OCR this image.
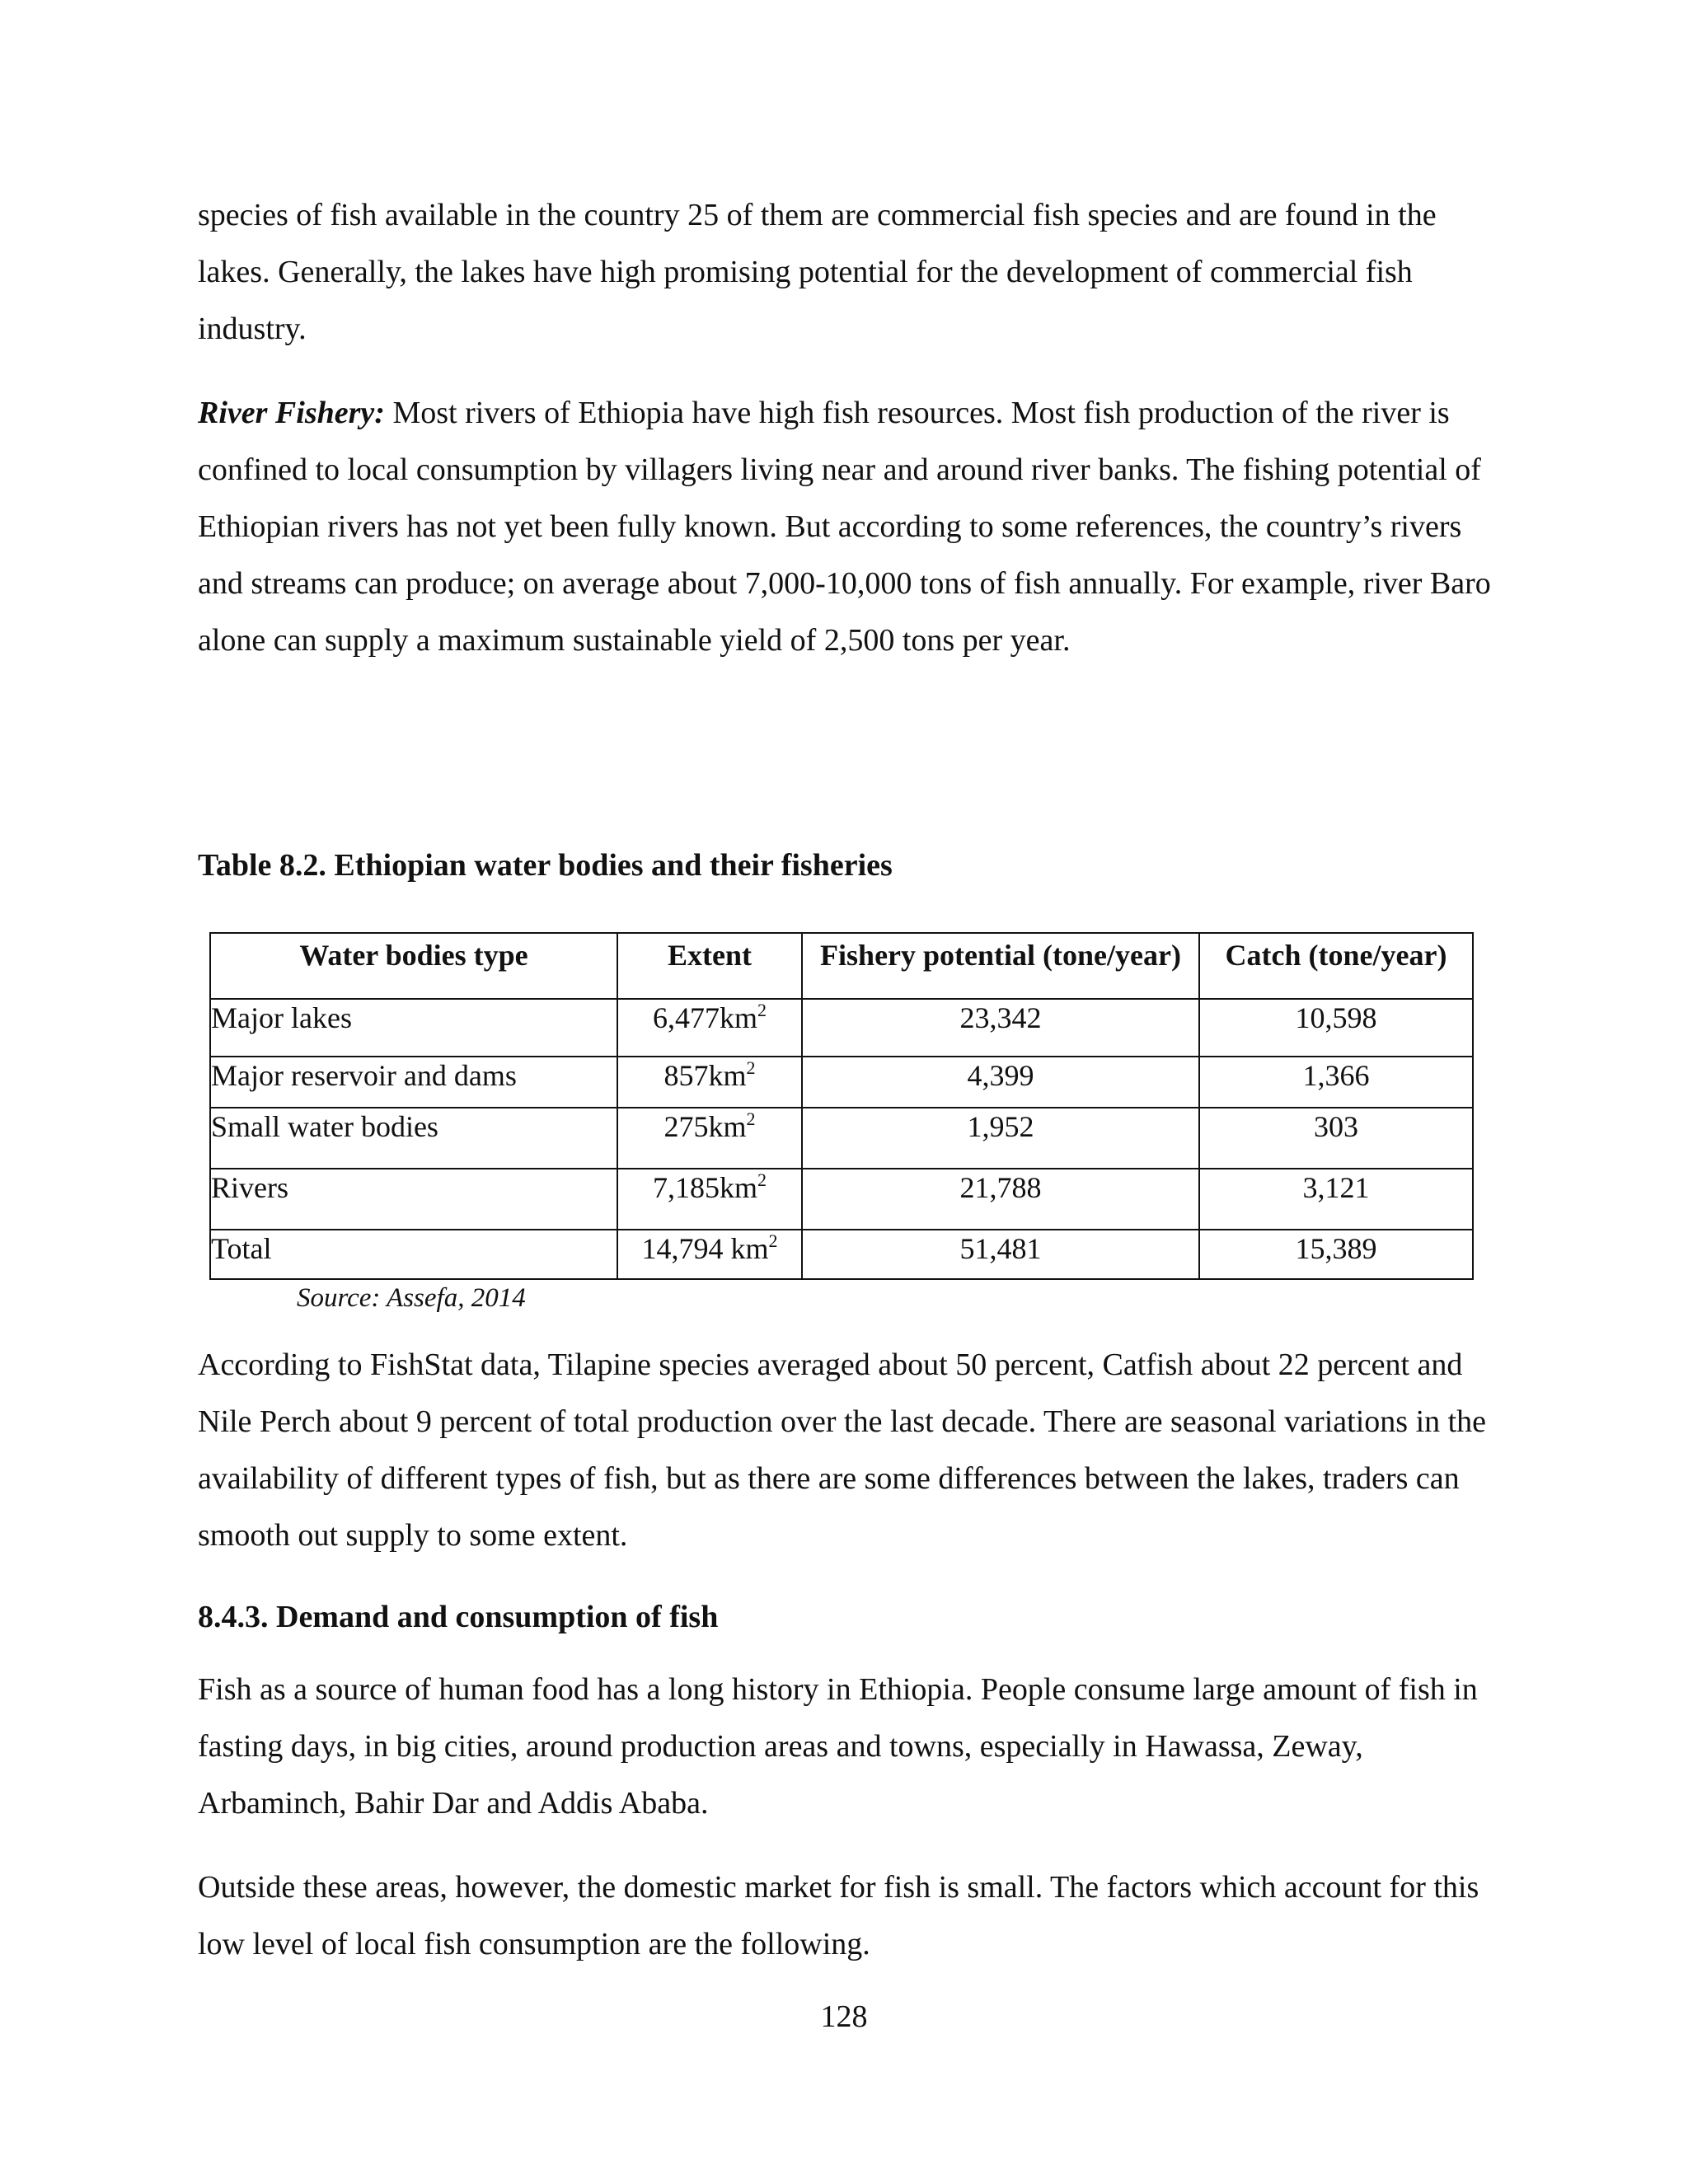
species of fish available in the country 25 of them are commercial fish species and are found in the lakes. Generally, the lakes have high promising potential for the development of commercial fish industry.

River Fishery: Most rivers of Ethiopia have high fish resources. Most fish production of the river is confined to local consumption by villagers living near and around river banks. The fishing potential of Ethiopian rivers has not yet been fully known. But according to some references, the country’s rivers and streams can produce; on average about 7,000-10,000 tons of fish annually. For example, river Baro alone can supply a maximum sustainable yield of 2,500 tons per year.

Table 8.2. Ethiopian water bodies and their fisheries

Water bodies type	Extent	Fishery potential (tone/year)	Catch (tone/year)
Major lakes	$6,477km^2$	23,342	10,598
Major reservoir and dams	$857km^2$	4,399	1,366
Small water bodies	$275km^2$	1,952	303
Rivers	$7,185km^2$	21,788	3,121
Total	14,794 $km^2$	51,481	15,389

Source: Assefa, 2014

According to FishStat data, Tilapine species averaged about 50 percent, Catfish about 22 percent and Nile Perch about 9 percent of total production over the last decade. There are seasonal variations in the availability of different types of fish, but as there are some differences between the lakes, traders can smooth out supply to some extent.

8.4.3. Demand and consumption of fish

Fish as a source of human food has a long history in Ethiopia. People consume large amount of fish in fasting days, in big cities, around production areas and towns, especially in Hawassa, Zeway, Arbaminch, Bahir Dar and Addis Ababa.

Outside these areas, however, the domestic market for fish is small. The factors which account for this low level of local fish consumption are the following.

128
